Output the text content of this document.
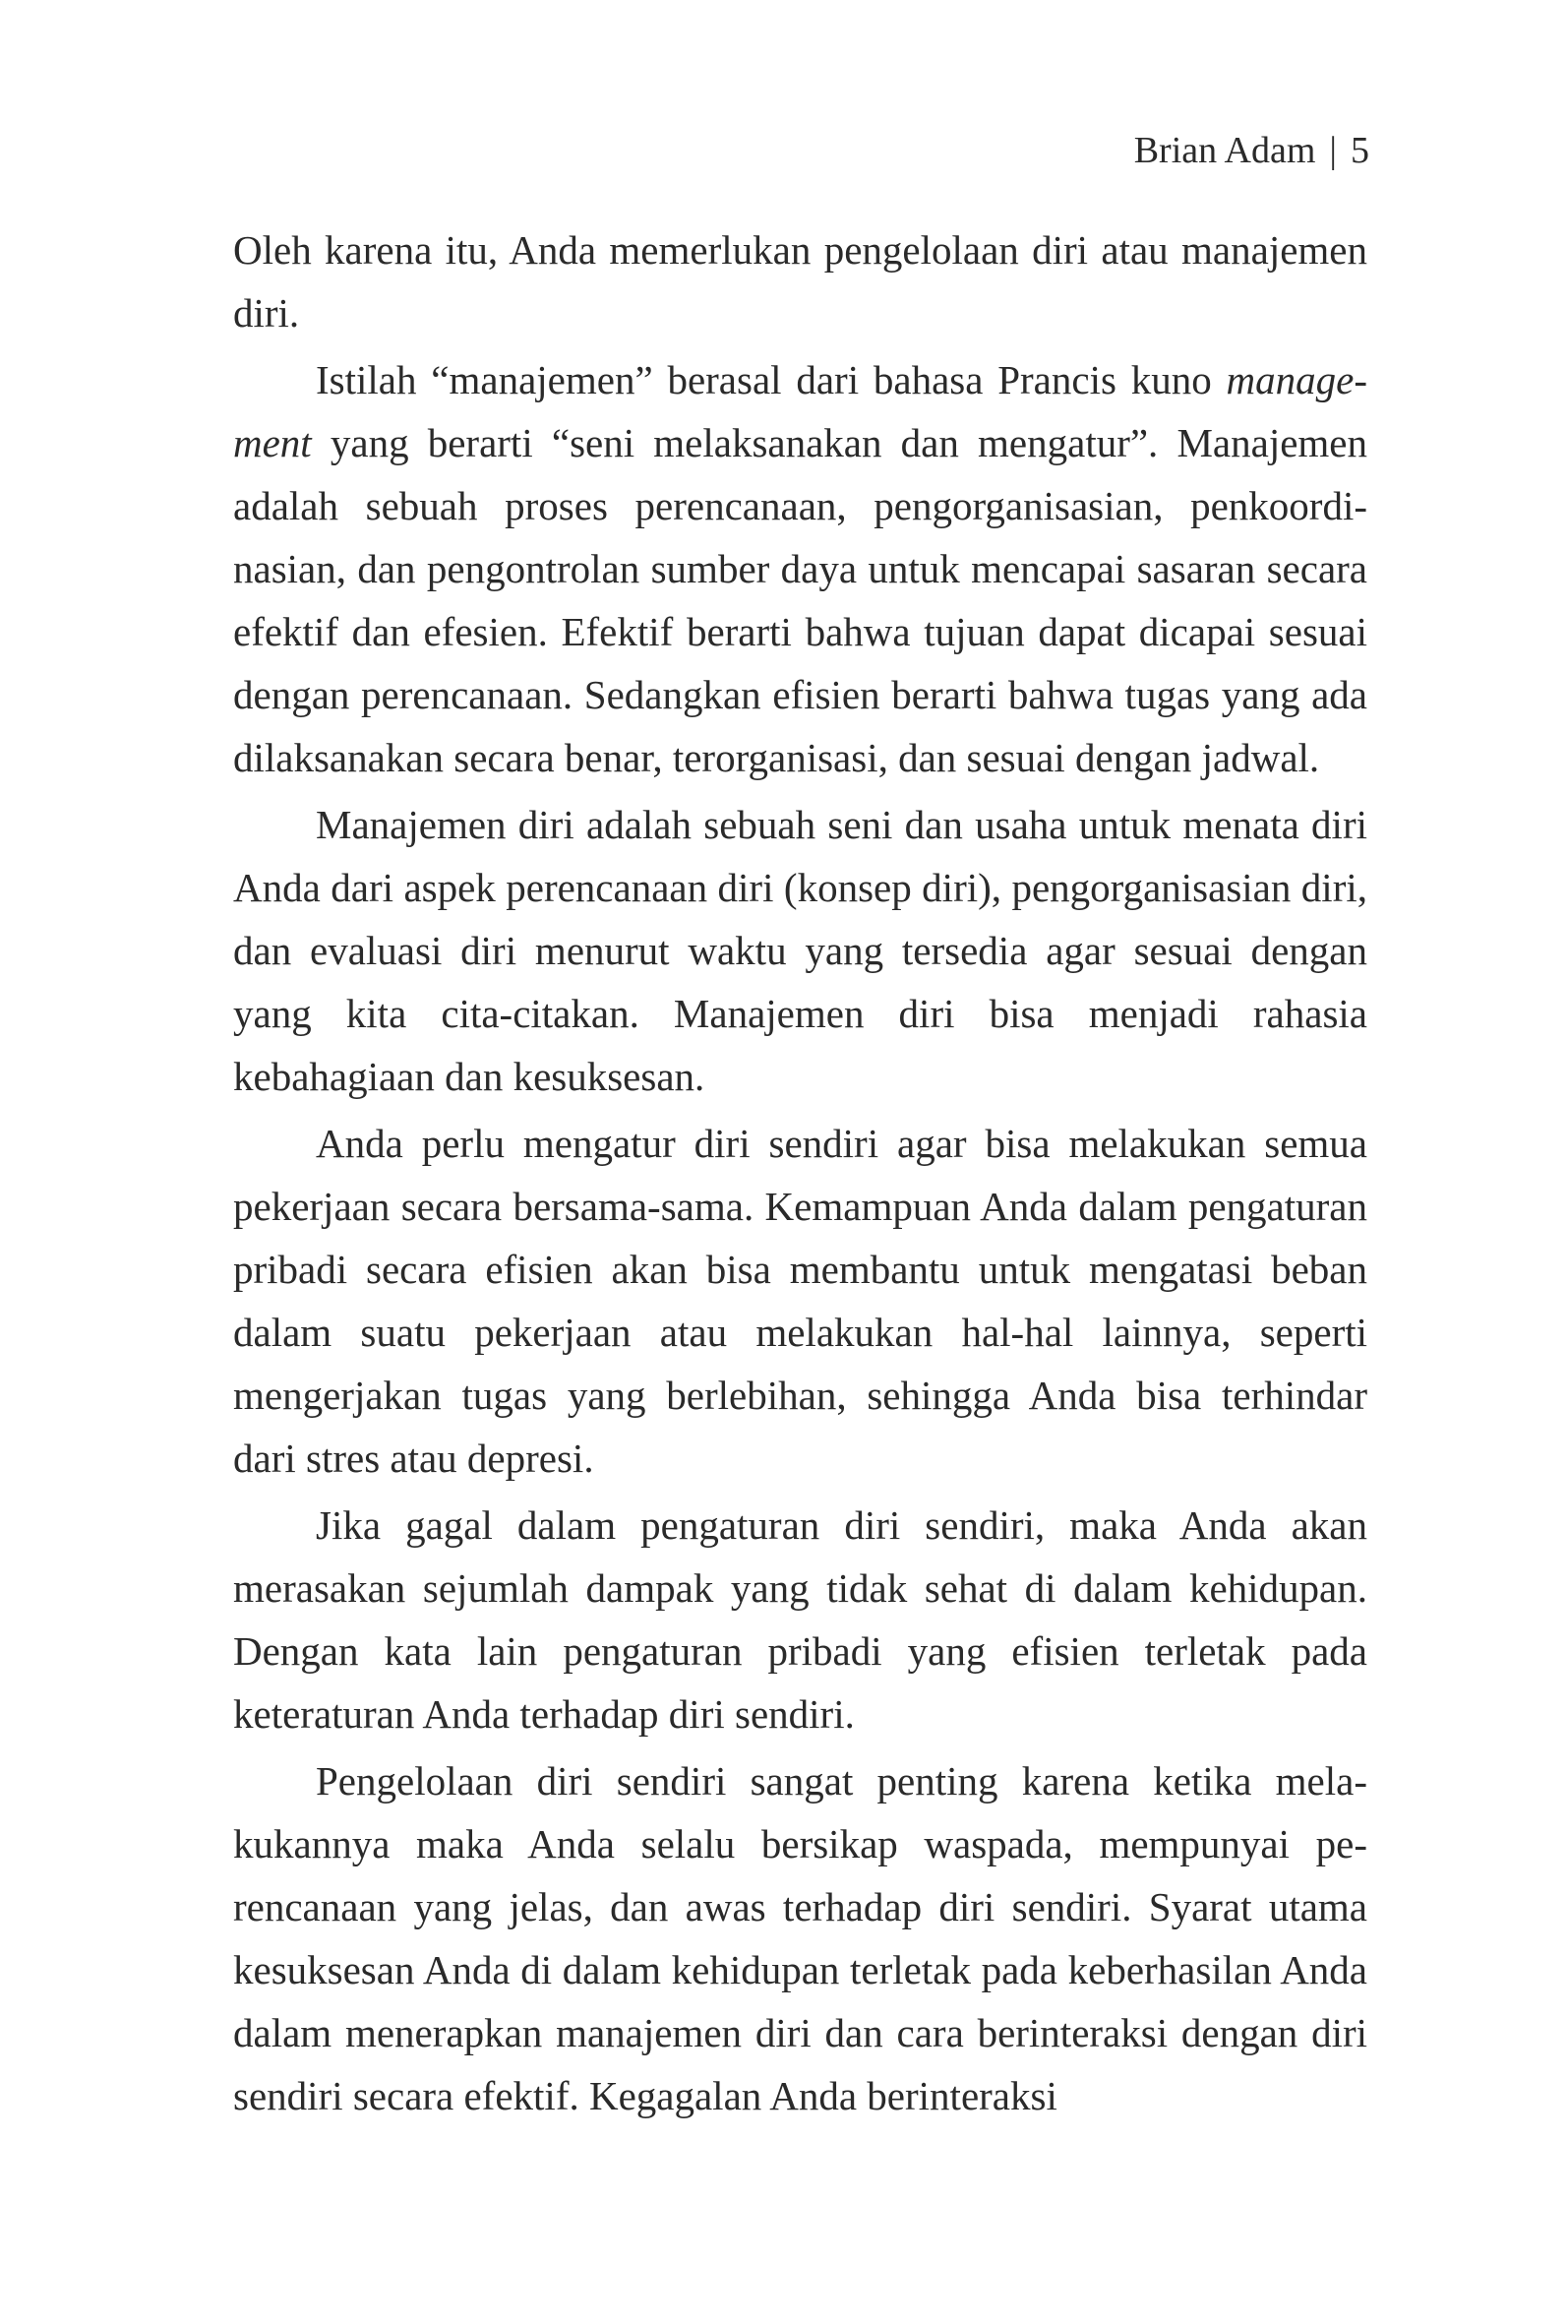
Brian Adam | 5

Oleh karena itu, Anda memerlukan pengelolaan diri atau manajemen diri.

Istilah “manajemen” berasal dari bahasa Prancis kuno management yang berarti “seni melaksanakan dan mengatur”. Manajemen adalah sebuah proses perencanaan, pengorganisasian, penkoordinasian, dan pengontrolan sumber daya untuk mencapai sasaran secara efektif dan efesien. Efektif berarti bahwa tujuan dapat dicapai sesuai dengan perencanaan. Sedangkan efisien berarti bahwa tugas yang ada dilaksanakan secara benar, terorganisasi, dan sesuai dengan jadwal.

Manajemen diri adalah sebuah seni dan usaha untuk menata diri Anda dari aspek perencanaan diri (konsep diri), pengorganisasian diri, dan evaluasi diri menurut waktu yang tersedia agar sesuai dengan yang kita cita-citakan. Manajemen diri bisa menjadi rahasia kebahagiaan dan kesuksesan.

Anda perlu mengatur diri sendiri agar bisa melakukan semua pekerjaan secara bersama-sama. Kemampuan Anda dalam pengaturan pribadi secara efisien akan bisa membantu untuk mengatasi beban dalam suatu pekerjaan atau melakukan hal-hal lainnya, seperti mengerjakan tugas yang berlebihan, sehingga Anda bisa terhindar dari stres atau depresi.

Jika gagal dalam pengaturan diri sendiri, maka Anda akan merasakan sejumlah dampak yang tidak sehat di dalam kehidupan. Dengan kata lain pengaturan pribadi yang efisien terletak pada keteraturan Anda terhadap diri sendiri.

Pengelolaan diri sendiri sangat penting karena ketika melakukannya maka Anda selalu bersikap waspada, mempunyai perencanaan yang jelas, dan awas terhadap diri sendiri. Syarat utama kesuksesan Anda di dalam kehidupan terletak pada keberhasilan Anda dalam menerapkan manajemen diri dan cara berinteraksi dengan diri sendiri secara efektif. Kegagalan Anda berinteraksi
